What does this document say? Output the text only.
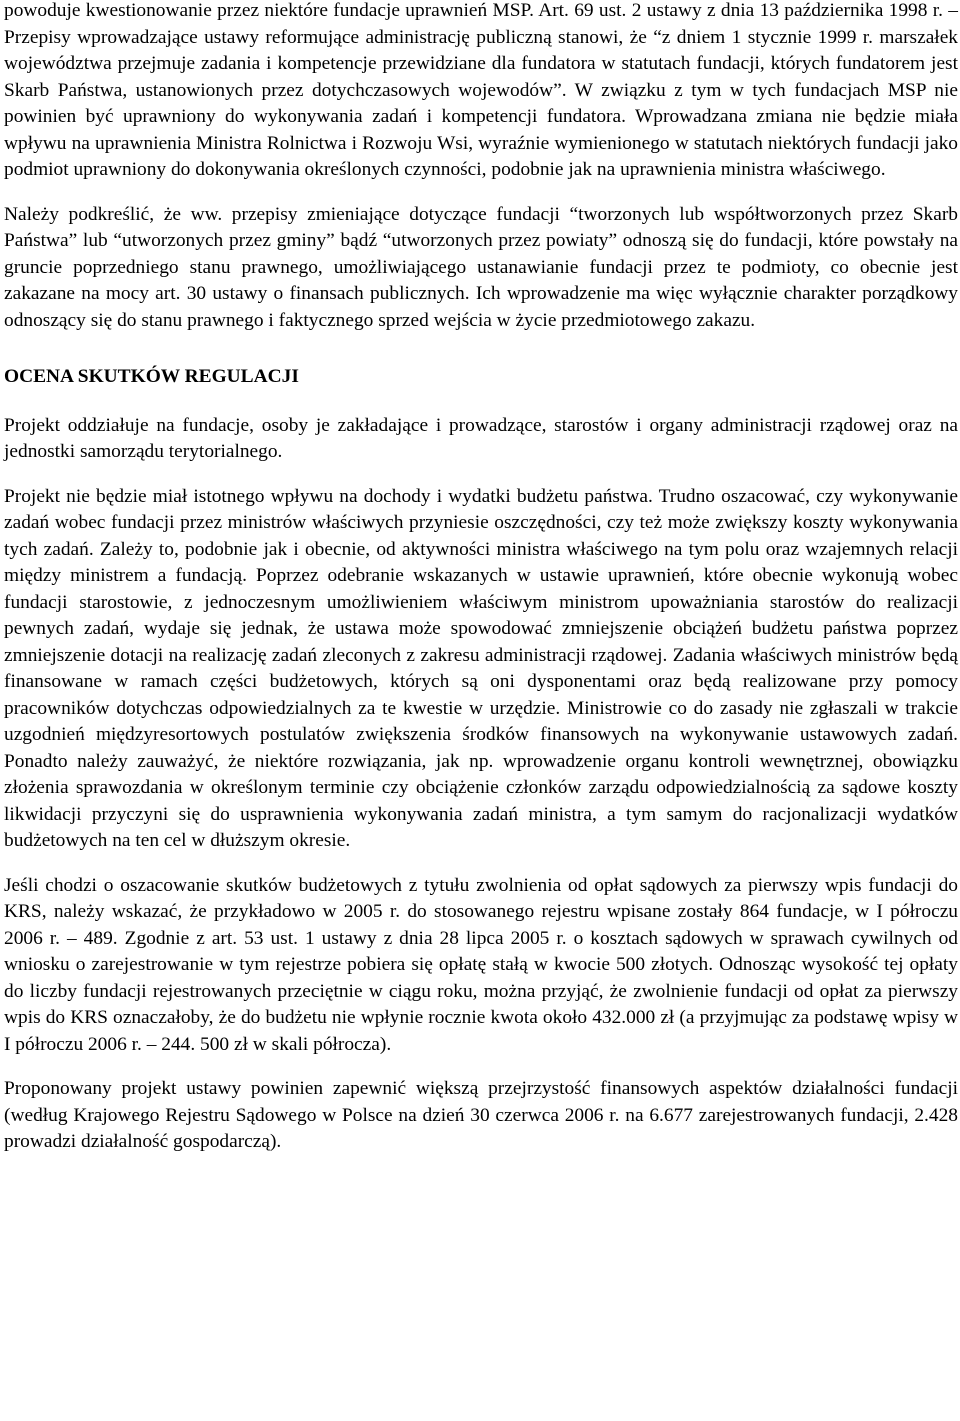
powoduje kwestionowanie przez niektóre fundacje uprawnień MSP. Art. 69 ust. 2 ustawy z dnia 13 października 1998 r. – Przepisy wprowadzające ustawy reformujące administrację publiczną stanowi, że “z dniem 1 stycznie 1999 r. marszałek województwa przejmuje zadania i kompetencje przewidziane dla fundatora w statutach fundacji, których fundatorem jest Skarb Państwa, ustanowionych przez dotychczasowych wojewodów”. W związku z tym w tych fundacjach MSP nie powinien być uprawniony do wykonywania zadań i kompetencji fundatora. Wprowadzana zmiana nie będzie miała wpływu na uprawnienia Ministra Rolnictwa i Rozwoju Wsi, wyraźnie wymienionego w statutach niektórych fundacji jako podmiot uprawniony do dokonywania określonych czynności, podobnie jak na uprawnienia ministra właściwego.

Należy podkreślić, że ww. przepisy zmieniające dotyczące fundacji “tworzonych lub współtworzonych przez Skarb Państwa” lub “utworzonych przez gminy” bądź “utworzonych przez powiaty” odnoszą się do fundacji, które powstały na gruncie poprzedniego stanu prawnego, umożliwiającego ustanawianie fundacji przez te podmioty, co obecnie jest zakazane na mocy art. 30 ustawy o finansach publicznych. Ich wprowadzenie ma więc wyłącznie charakter porządkowy odnoszący się do stanu prawnego i faktycznego sprzed wejścia w życie przedmiotowego zakazu.

OCENA SKUTKÓW REGULACJI

Projekt oddziałuje na fundacje, osoby je zakładające i prowadzące, starostów i organy administracji rządowej oraz na jednostki samorządu terytorialnego.

Projekt nie będzie miał istotnego wpływu na dochody i wydatki budżetu państwa. Trudno oszacować, czy wykonywanie zadań wobec fundacji przez ministrów właściwych przyniesie oszczędności, czy też może zwiększy koszty wykonywania tych zadań. Zależy to, podobnie jak i obecnie, od aktywności ministra właściwego na tym polu oraz wzajemnych relacji między ministrem a fundacją. Poprzez odebranie wskazanych w ustawie uprawnień, które obecnie wykonują wobec fundacji starostowie, z jednoczesnym umożliwieniem właściwym ministrom upoważniania starostów do realizacji pewnych zadań, wydaje się jednak, że ustawa może spowodować zmniejszenie obciążeń budżetu państwa poprzez zmniejszenie dotacji na realizację zadań zleconych z zakresu administracji rządowej. Zadania właściwych ministrów będą finansowane w ramach części budżetowych, których są oni dysponentami oraz będą realizowane przy pomocy pracowników dotychczas odpowiedzialnych za te kwestie w urzędzie. Ministrowie co do zasady nie zgłaszali w trakcie uzgodnień międzyresortowych postulatów zwiększenia środków finansowych na wykonywanie ustawowych zadań. Ponadto należy zauważyć, że niektóre rozwiązania, jak np. wprowadzenie organu kontroli wewnętrznej, obowiązku złożenia sprawozdania w określonym terminie czy obciążenie członków zarządu odpowiedzialnością za sądowe koszty likwidacji przyczyni się do usprawnienia wykonywania zadań ministra, a tym samym do racjonalizacji wydatków budżetowych na ten cel w dłuższym okresie.

Jeśli chodzi o oszacowanie skutków budżetowych z tytułu zwolnienia od opłat sądowych za pierwszy wpis fundacji do KRS, należy wskazać, że przykładowo w 2005 r. do stosowanego rejestru wpisane zostały 864 fundacje, w I półroczu 2006 r. – 489. Zgodnie z art. 53 ust. 1 ustawy z dnia 28 lipca 2005 r. o kosztach sądowych w sprawach cywilnych od wniosku o zarejestrowanie w tym rejestrze pobiera się opłatę stałą w kwocie 500 złotych. Odnosząc wysokość tej opłaty do liczby fundacji rejestrowanych przeciętnie w ciągu roku, można przyjąć, że zwolnienie fundacji od opłat za pierwszy wpis do KRS oznaczałoby, że do budżetu nie wpłynie rocznie kwota około 432.000 zł (a przyjmując za podstawę wpisy w I półroczu 2006 r. – 244. 500 zł w skali półrocza).

Proponowany projekt ustawy powinien zapewnić większą przejrzystość finansowych aspektów działalności fundacji (według Krajowego Rejestru Sądowego w Polsce na dzień 30 czerwca 2006 r. na 6.677 zarejestrowanych fundacji, 2.428 prowadzi działalność gospodarczą).
